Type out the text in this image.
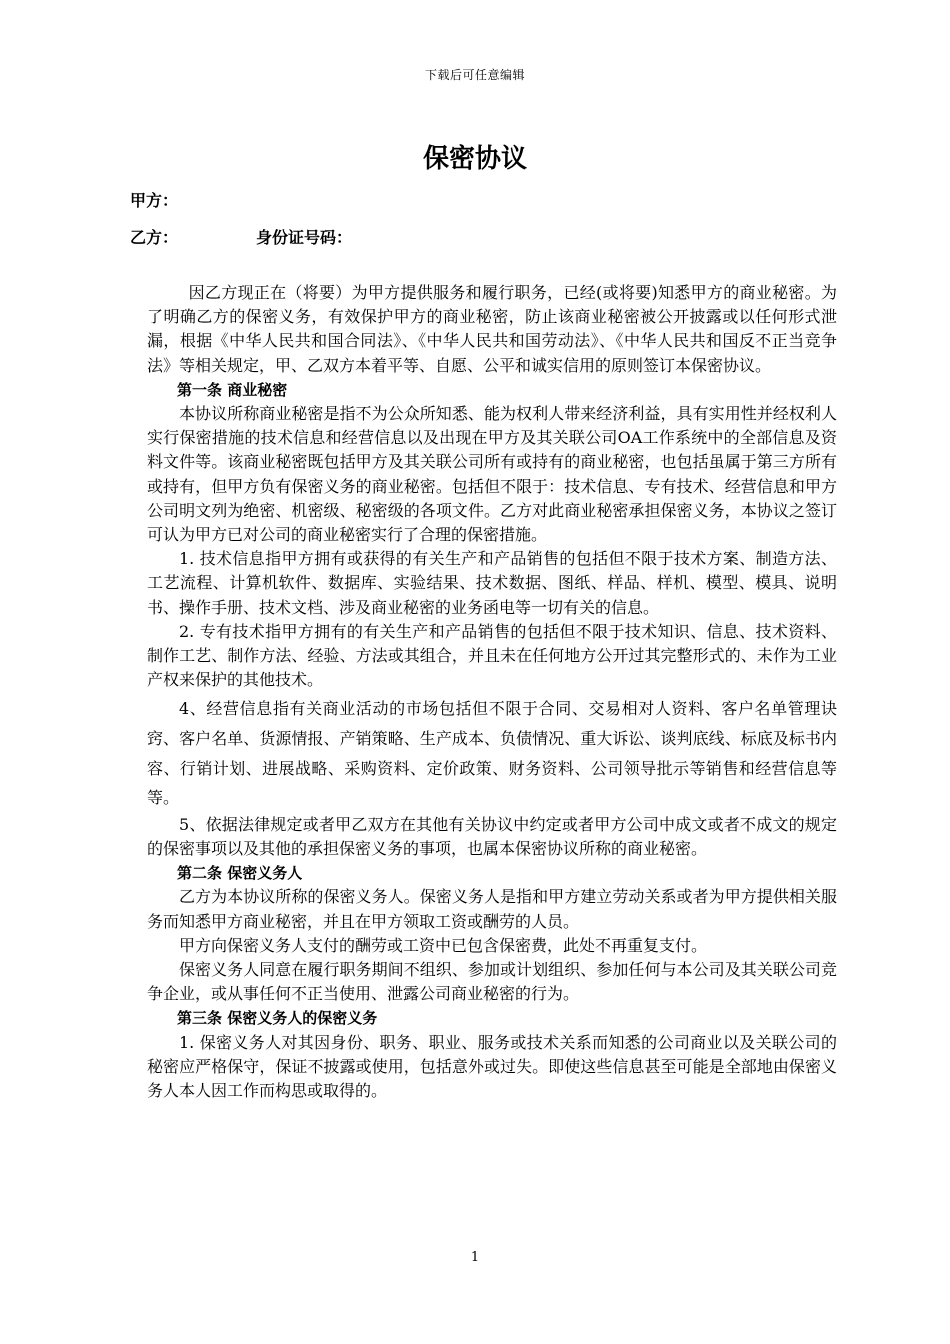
下载后可任意编辑
保密协议
甲方：
乙方：	身份证号码：

因乙方现正在（将要）为甲方提供服务和履行职务，已经(或将要)知悉甲方的商业秘密。为了明确乙方的保密义务，有效保护甲方的商业秘密，防止该商业秘密被公开披露或以任何形式泄漏，根据《中华人民共和国合同法》、《中华人民共和国劳动法》、《中华人民共和国反不正当竞争法》等相关规定，甲、乙双方本着平等、自愿、公平和诚实信用的原则签订本保密协议。

第一条 商业秘密

本协议所称商业秘密是指不为公众所知悉、能为权利人带来经济利益，具有实用性并经权利人实行保密措施的技术信息和经营信息以及出现在甲方及其关联公司OA工作系统中的全部信息及资料文件等。该商业秘密既包括甲方及其关联公司所有或持有的商业秘密，也包括虽属于第三方所有或持有，但甲方负有保密义务的商业秘密。包括但不限于：技术信息、专有技术、经营信息和甲方公司明文列为绝密、机密级、秘密级的各项文件。乙方对此商业秘密承担保密义务，本协议之签订可认为甲方已对公司的商业秘密实行了合理的保密措施。

1. 技术信息指甲方拥有或获得的有关生产和产品销售的包括但不限于技术方案、制造方法、工艺流程、计算机软件、数据库、实验结果、技术数据、图纸、样品、样机、模型、模具、说明书、操作手册、技术文档、涉及商业秘密的业务函电等一切有关的信息。

2. 专有技术指甲方拥有的有关生产和产品销售的包括但不限于技术知识、信息、技术资料、制作工艺、制作方法、经验、方法或其组合，并且未在任何地方公开过其完整形式的、未作为工业产权来保护的其他技术。

4、经营信息指有关商业活动的市场包括但不限于合同、交易相对人资料、客户名单管理诀窍、客户名单、货源情报、产销策略、生产成本、负债情况、重大诉讼、谈判底线、标底及标书内容、行销计划、进展战略、采购资料、定价政策、财务资料、公司领导批示等销售和经营信息等等。

5、依据法律规定或者甲乙双方在其他有关协议中约定或者甲方公司中成文或者不成文的规定的保密事项以及其他的承担保密义务的事项，也属本保密协议所称的商业秘密。

第二条 保密义务人

乙方为本协议所称的保密义务人。保密义务人是指和甲方建立劳动关系或者为甲方提供相关服务而知悉甲方商业秘密，并且在甲方领取工资或酬劳的人员。

甲方向保密义务人支付的酬劳或工资中已包含保密费，此处不再重复支付。

保密义务人同意在履行职务期间不组织、参加或计划组织、参加任何与本公司及其关联公司竞争企业，或从事任何不正当使用、泄露公司商业秘密的行为。

第三条 保密义务人的保密义务

1. 保密义务人对其因身份、职务、职业、服务或技术关系而知悉的公司商业以及关联公司的秘密应严格保守，保证不披露或使用，包括意外或过失。即使这些信息甚至可能是全部地由保密义务人本人因工作而构思或取得的。

1
